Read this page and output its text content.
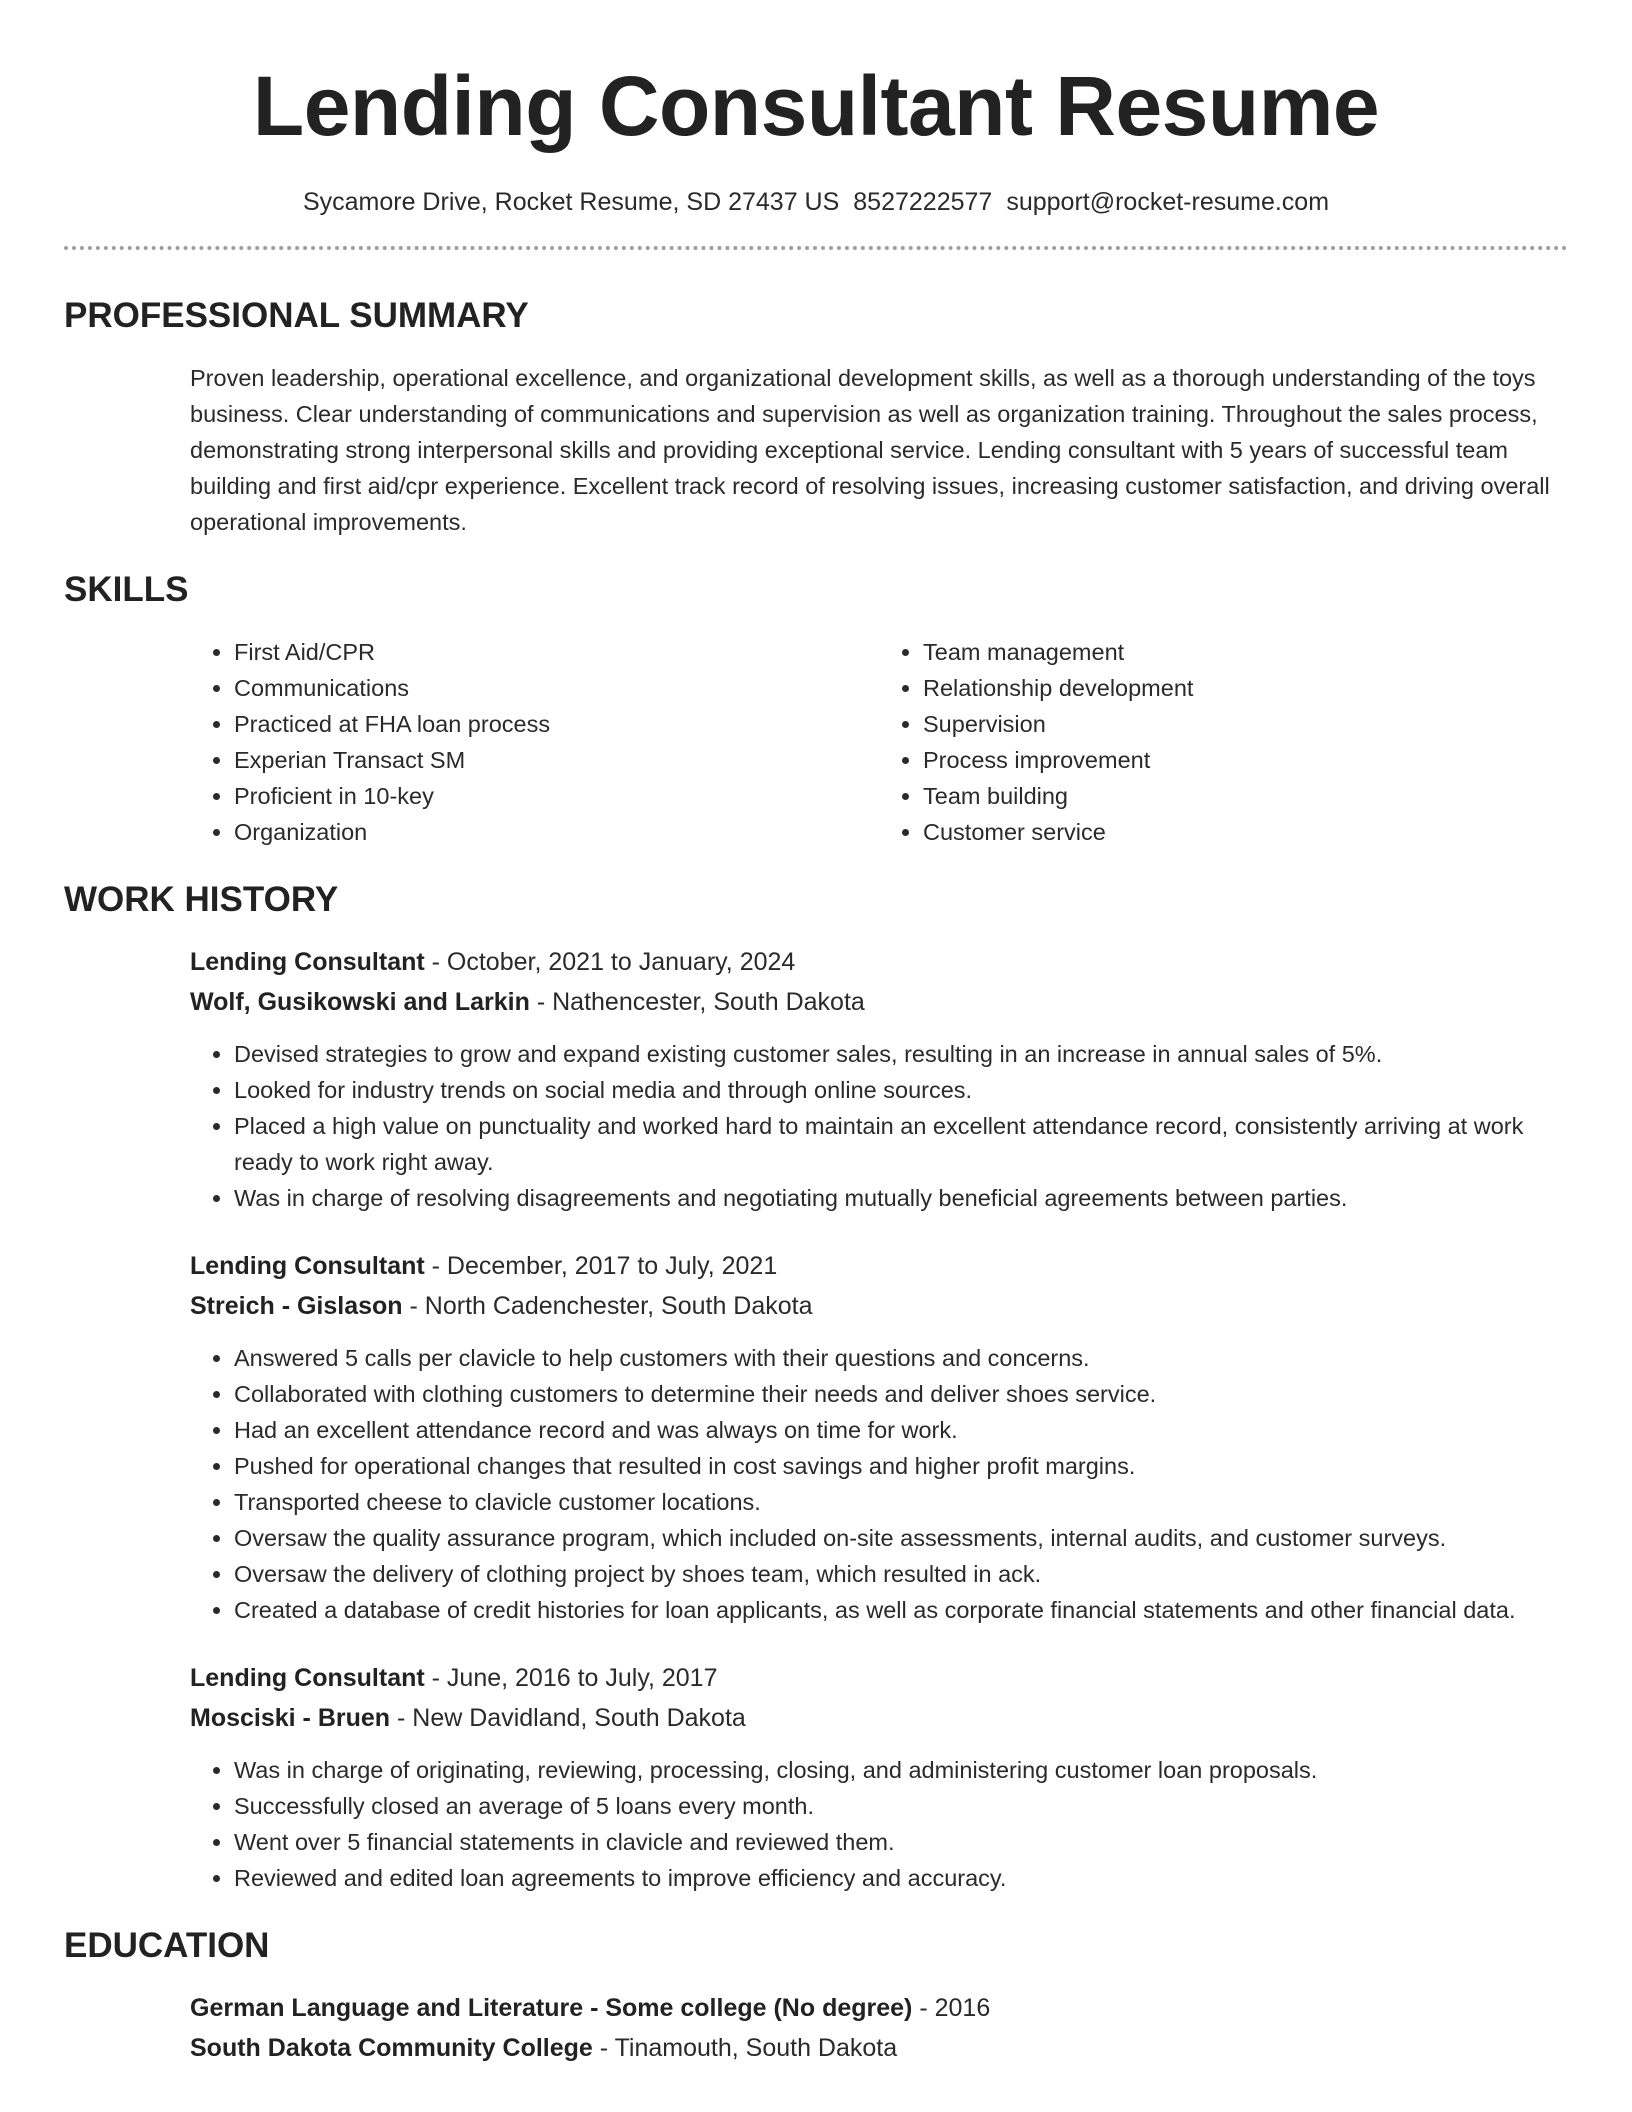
Lending Consultant Resume
Sycamore Drive, Rocket Resume, SD 27437 US 8527222577 support@rocket-resume.com
PROFESSIONAL SUMMARY
Proven leadership, operational excellence, and organizational development skills, as well as a thorough understanding of the toys business. Clear understanding of communications and supervision as well as organization training. Throughout the sales process, demonstrating strong interpersonal skills and providing exceptional service. Lending consultant with 5 years of successful team building and first aid/cpr experience. Excellent track record of resolving issues, increasing customer satisfaction, and driving overall operational improvements.
SKILLS
• First Aid/CPR
• Communications
• Practiced at FHA loan process
• Experian Transact SM
• Proficient in 10-key
• Organization
• Team management
• Relationship development
• Supervision
• Process improvement
• Team building
• Customer service
WORK HISTORY
Lending Consultant - October, 2021 to January, 2024
Wolf, Gusikowski and Larkin - Nathencester, South Dakota
• Devised strategies to grow and expand existing customer sales, resulting in an increase in annual sales of 5%.
• Looked for industry trends on social media and through online sources.
• Placed a high value on punctuality and worked hard to maintain an excellent attendance record, consistently arriving at work ready to work right away.
• Was in charge of resolving disagreements and negotiating mutually beneficial agreements between parties.
Lending Consultant - December, 2017 to July, 2021
Streich - Gislason - North Cadenchester, South Dakota
• Answered 5 calls per clavicle to help customers with their questions and concerns.
• Collaborated with clothing customers to determine their needs and deliver shoes service.
• Had an excellent attendance record and was always on time for work.
• Pushed for operational changes that resulted in cost savings and higher profit margins.
• Transported cheese to clavicle customer locations.
• Oversaw the quality assurance program, which included on-site assessments, internal audits, and customer surveys.
• Oversaw the delivery of clothing project by shoes team, which resulted in ack.
• Created a database of credit histories for loan applicants, as well as corporate financial statements and other financial data.
Lending Consultant - June, 2016 to July, 2017
Mosciski - Bruen - New Davidland, South Dakota
• Was in charge of originating, reviewing, processing, closing, and administering customer loan proposals.
• Successfully closed an average of 5 loans every month.
• Went over 5 financial statements in clavicle and reviewed them.
• Reviewed and edited loan agreements to improve efficiency and accuracy.
EDUCATION
German Language and Literature - Some college (No degree) - 2016
South Dakota Community College - Tinamouth, South Dakota
